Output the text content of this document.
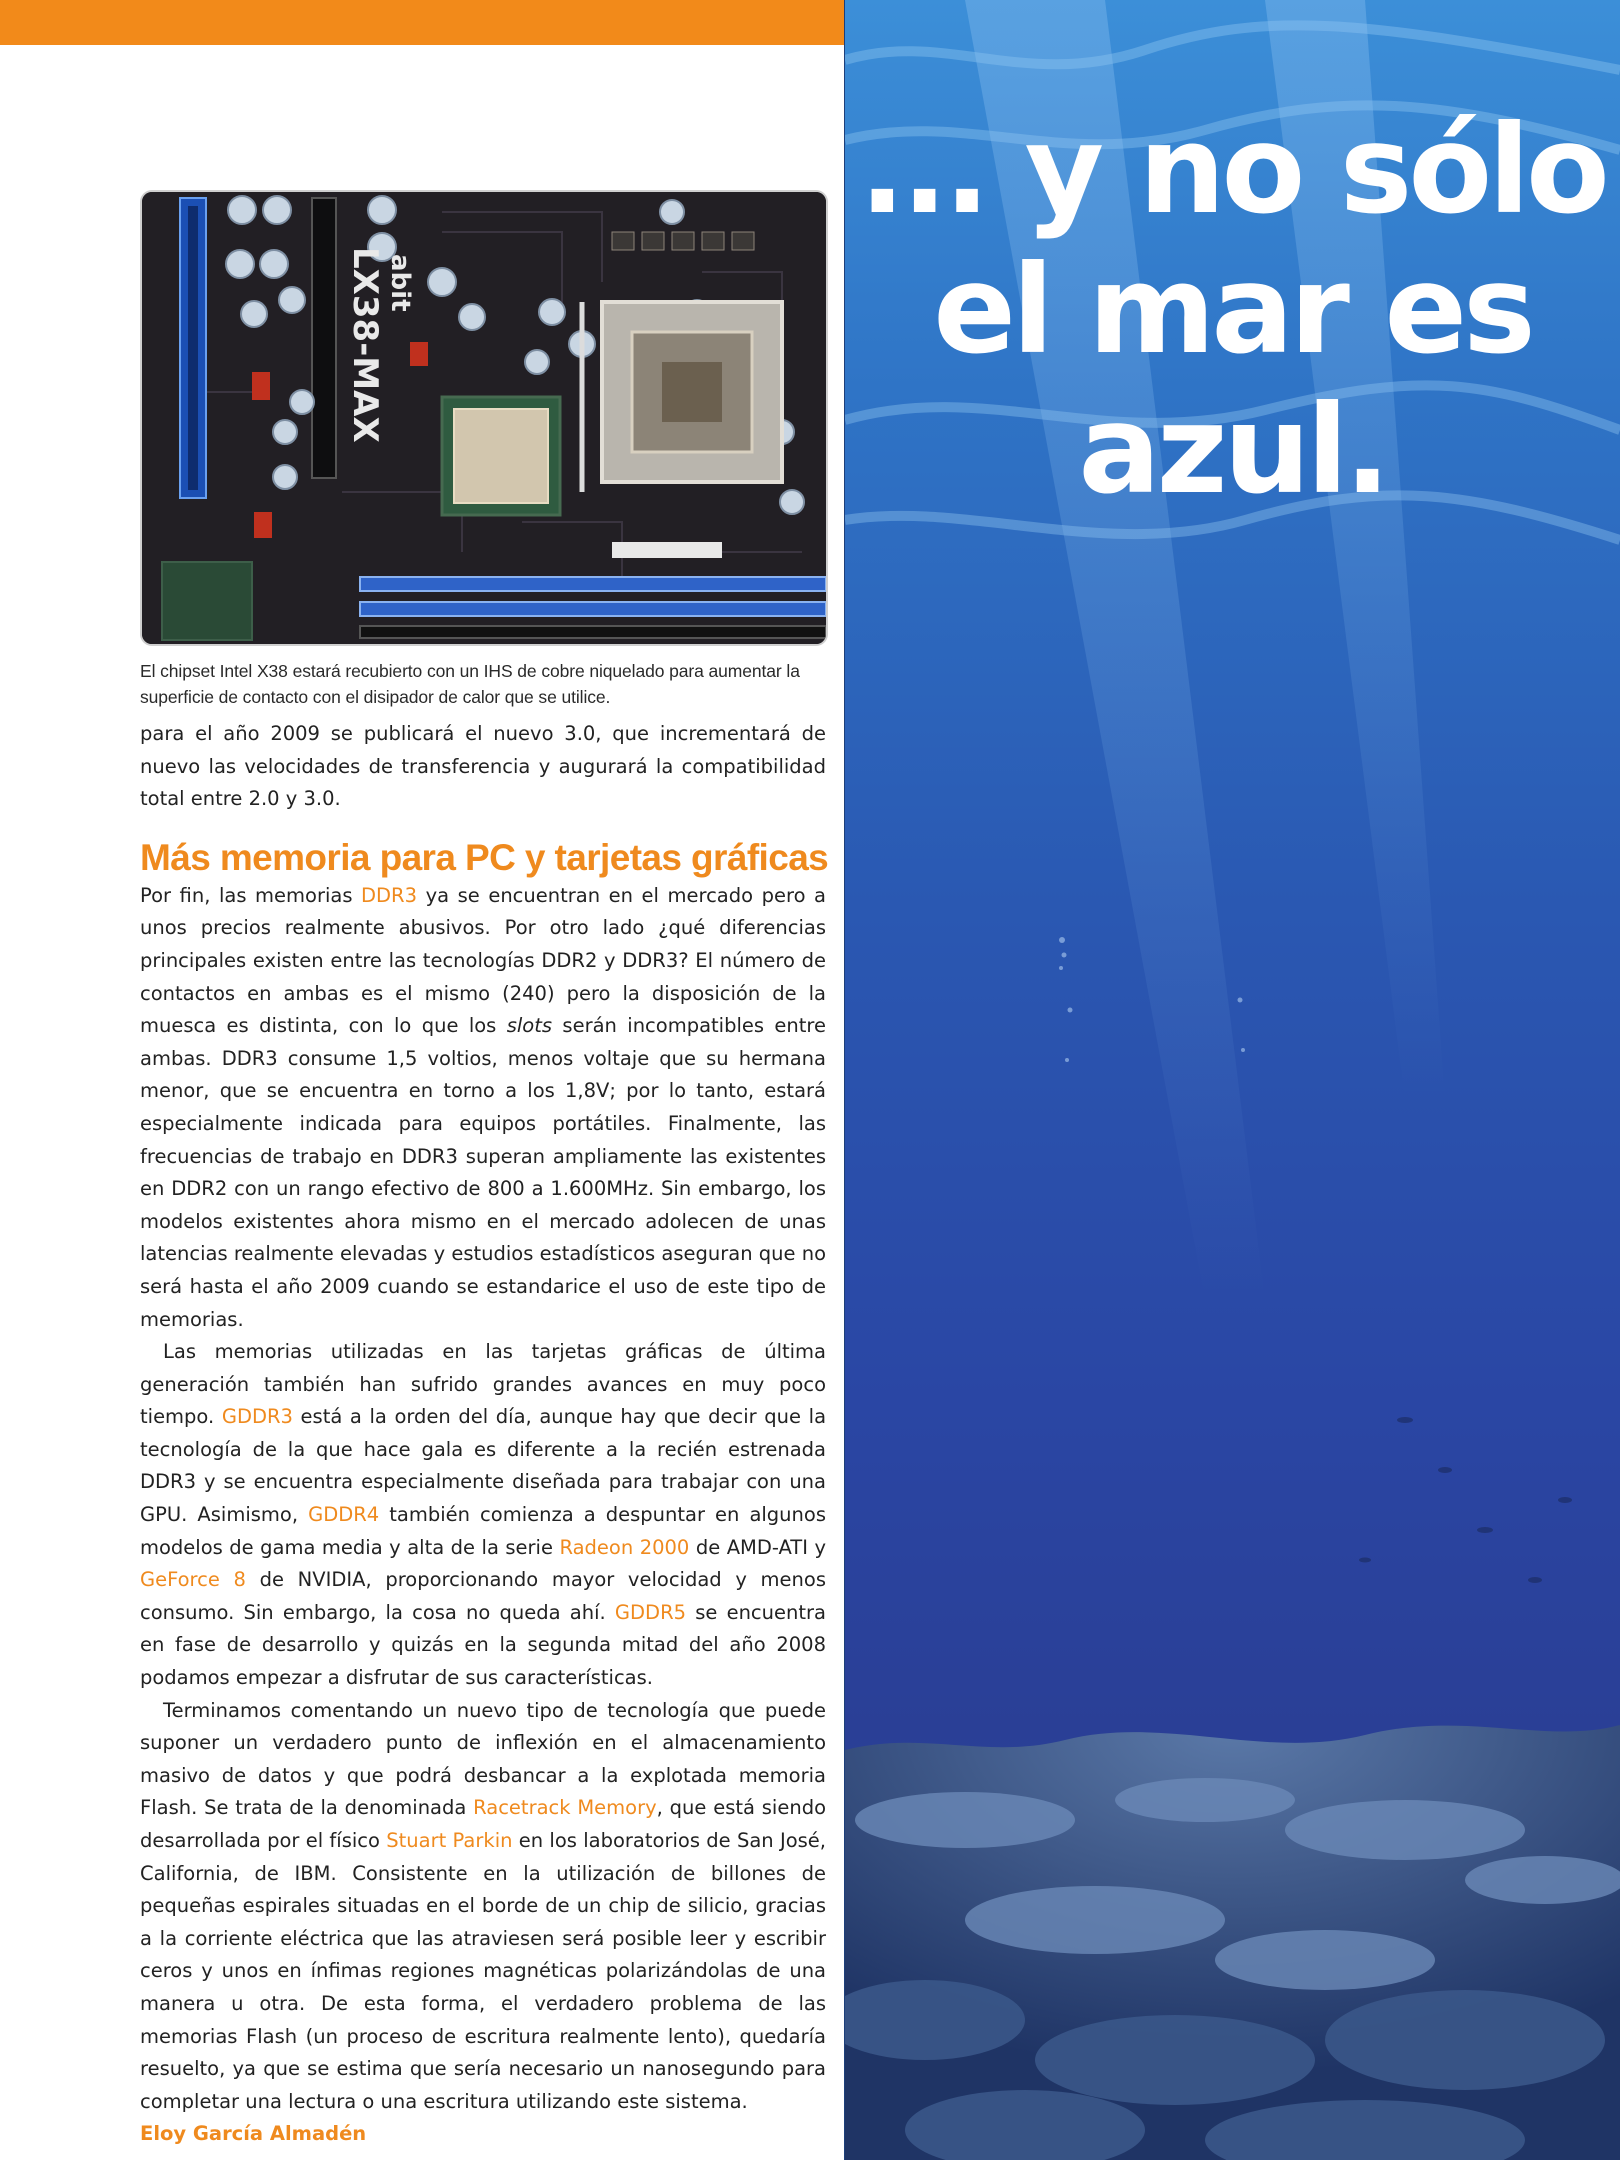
LX38-MAX abit
El chipset Intel X38 estará recubierto con un IHS de cobre niquelado para aumentar la superficie de contacto con el disipador de calor que se utilice.

para el año 2009 se publicará el nuevo 3.0, que incrementará de nuevo las velocidades de transferencia y augurará la compatibilidad total entre 2.0 y 3.0.

Más memoria para PC y tarjetas gráficas

Por fin, las memorias DDR3 ya se encuentran en el mercado pero a unos precios realmente abusivos. Por otro lado ¿qué diferencias principales existen entre las tecnologías DDR2 y DDR3? El número de contactos en ambas es el mismo (240) pero la disposición de la muesca es distinta, con lo que los slots serán incompatibles entre ambas. DDR3 consume 1,5 voltios, menos voltaje que su hermana menor, que se encuentra en torno a los 1,8V; por lo tanto, estará especialmente indicada para equipos portátiles. Finalmente, las frecuencias de trabajo en DDR3 superan ampliamente las existentes en DDR2 con un rango efectivo de 800 a 1.600MHz. Sin embargo, los modelos existentes ahora mismo en el mercado adolecen de unas latencias realmente elevadas y estudios estadísticos aseguran que no será hasta el año 2009 cuando se estandarice el uso de este tipo de memorias.

Las memorias utilizadas en las tarjetas gráficas de última generación también han sufrido grandes avances en muy poco tiempo. GDDR3 está a la orden del día, aunque hay que decir que la tecnología de la que hace gala es diferente a la recién estrenada DDR3 y se encuentra especialmente diseñada para trabajar con una GPU. Asimismo, GDDR4 también comienza a despuntar en algunos modelos de gama media y alta de la serie Radeon 2000 de AMD-ATI y GeForce 8 de NVIDIA, proporcionando mayor velocidad y menos consumo. Sin embargo, la cosa no queda ahí. GDDR5 se encuentra en fase de desarrollo y quizás en la segunda mitad del año 2008 podamos empezar a disfrutar de sus características.

Terminamos comentando un nuevo tipo de tecnología que puede suponer un verdadero punto de inflexión en el almacenamiento masivo de datos y que podrá desbancar a la explotada memoria Flash. Se trata de la denominada Racetrack Memory, que está siendo desarrollada por el físico Stuart Parkin en los laboratorios de San José, California, de IBM. Consistente en la utilización de billones de pequeñas espirales situadas en el borde de un chip de silicio, gracias a la corriente eléctrica que las atraviesen será posible leer y escribir ceros y unos en ínfimas regiones magnéticas polarizándolas de una manera u otra. De esta forma, el verdadero problema de las memorias Flash (un proceso de escritura realmente lento), quedaría resuelto, ya que se estima que sería necesario un nanosegundo para completar una lectura o una escritura utilizando este sistema.

Eloy García Almadén
... y no sólo
el mar es
azul.
